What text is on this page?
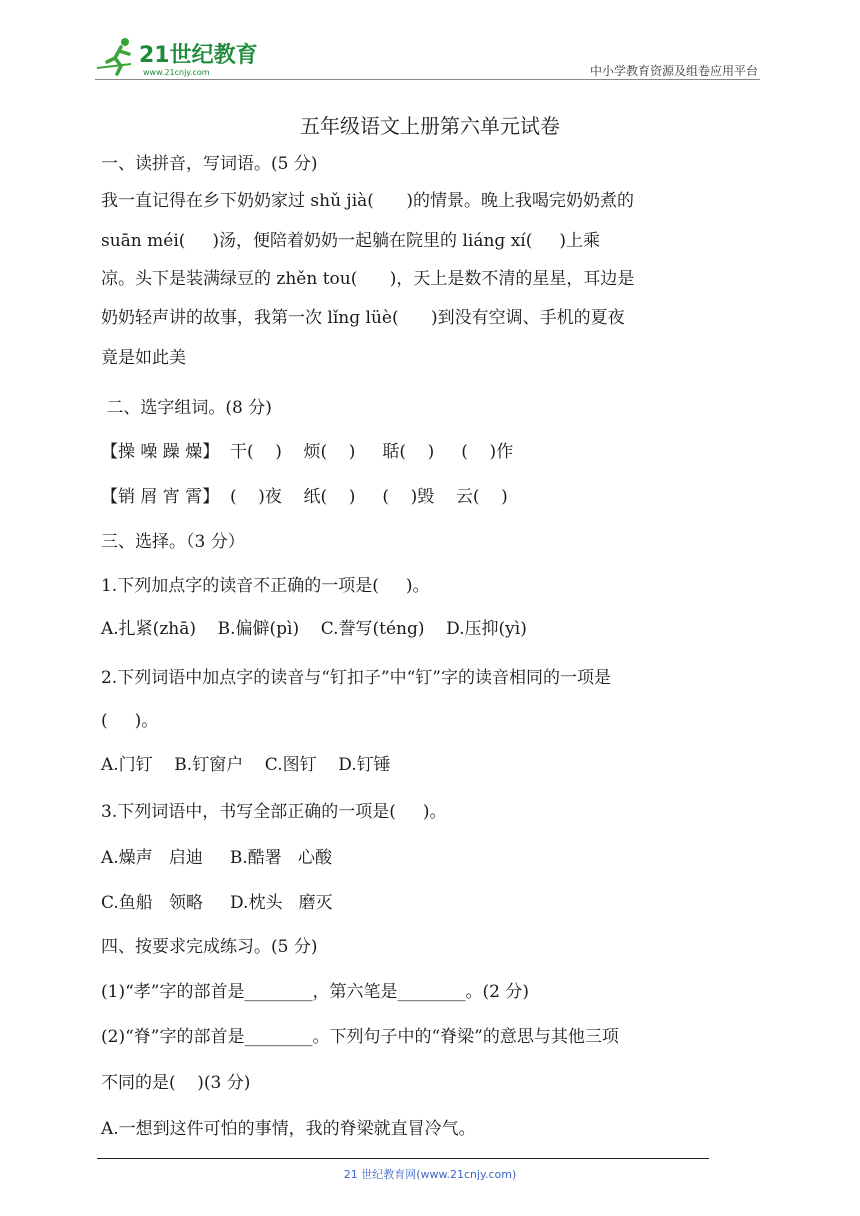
21世纪教育
www.21cnjy.com	中小学教育资源及组卷应用平台
五年级语文上册第六单元试卷
一、读拼音，写词语。(5 分)
我一直记得在乡下奶奶家过 shǔ jià(      )的情景。晚上我喝完奶奶煮的
suān méi(     )汤，便陪着奶奶一起躺在院里的 liánɡ xí(     )上乘
凉。头下是装满绿豆的 zhěn tou(      )，天上是数不清的星星，耳边是
奶奶轻声讲的故事，我第一次 lǐnɡ lüè(      )到没有空调、手机的夏夜
竟是如此美
二、选字组词。(8 分)
【操 噪 躁 燥】  干(    )    烦(    )     聒(    )     (    )作
【销 屑 宵 霄】  (    )夜    纸(    )     (    )毁    云(    )
三、选择。（3 分）
1.下列加点字的读音不正确的一项是(     )。
A.扎紧(zhā)    B.偏僻(pì)    C.誊写(téng)    D.压抑(yì)
2.下列词语中加点字的读音与“钉扣子”中“钉”字的读音相同的一项是
(     )。
A.门钉    B.钉窗户    C.图钉    D.钉锤
3.下列词语中，书写全部正确的一项是(     )。
A.燥声   启迪     B.酷署   心酸
C.鱼船   领略     D.枕头   磨灭
四、按要求完成练习。(5 分)
(1)“孝”字的部首是________，第六笔是________。(2 分)
(2)“脊”字的部首是________。下列句子中的“脊梁”的意思与其他三项
不同的是(    )(3 分)
A.一想到这件可怕的事情，我的脊梁就直冒冷气。
21 世纪教育网(www.21cnjy.com)
